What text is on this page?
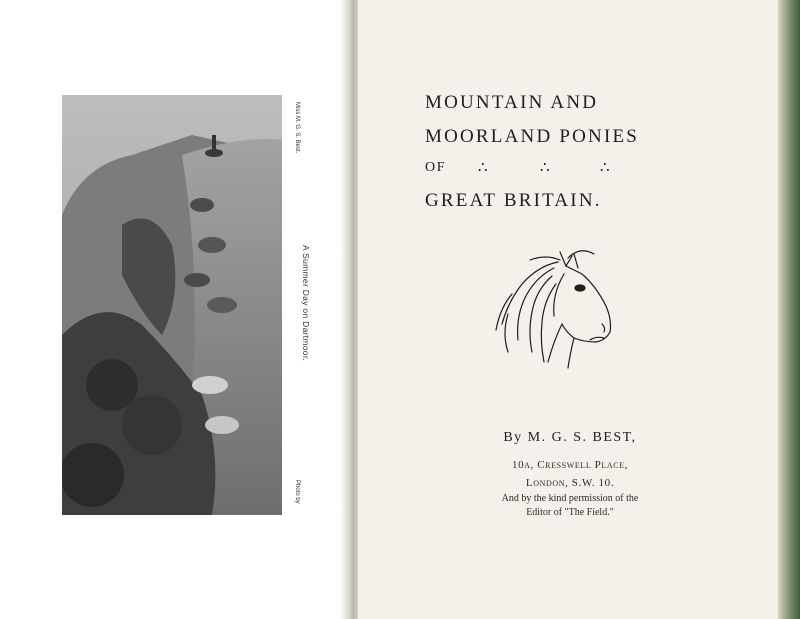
A Summer Day on Dartmoor.
Miss M. G. S. Best.
Photo by
MOUNTAIN AND
MOORLAND PONIES
OF ∴	∴	∴
GREAT BRITAIN.
By M. G. S. BEST,
10a, Cresswell Place,
London, S.W. 10.
And by the kind permission of the
Editor of "The Field."
